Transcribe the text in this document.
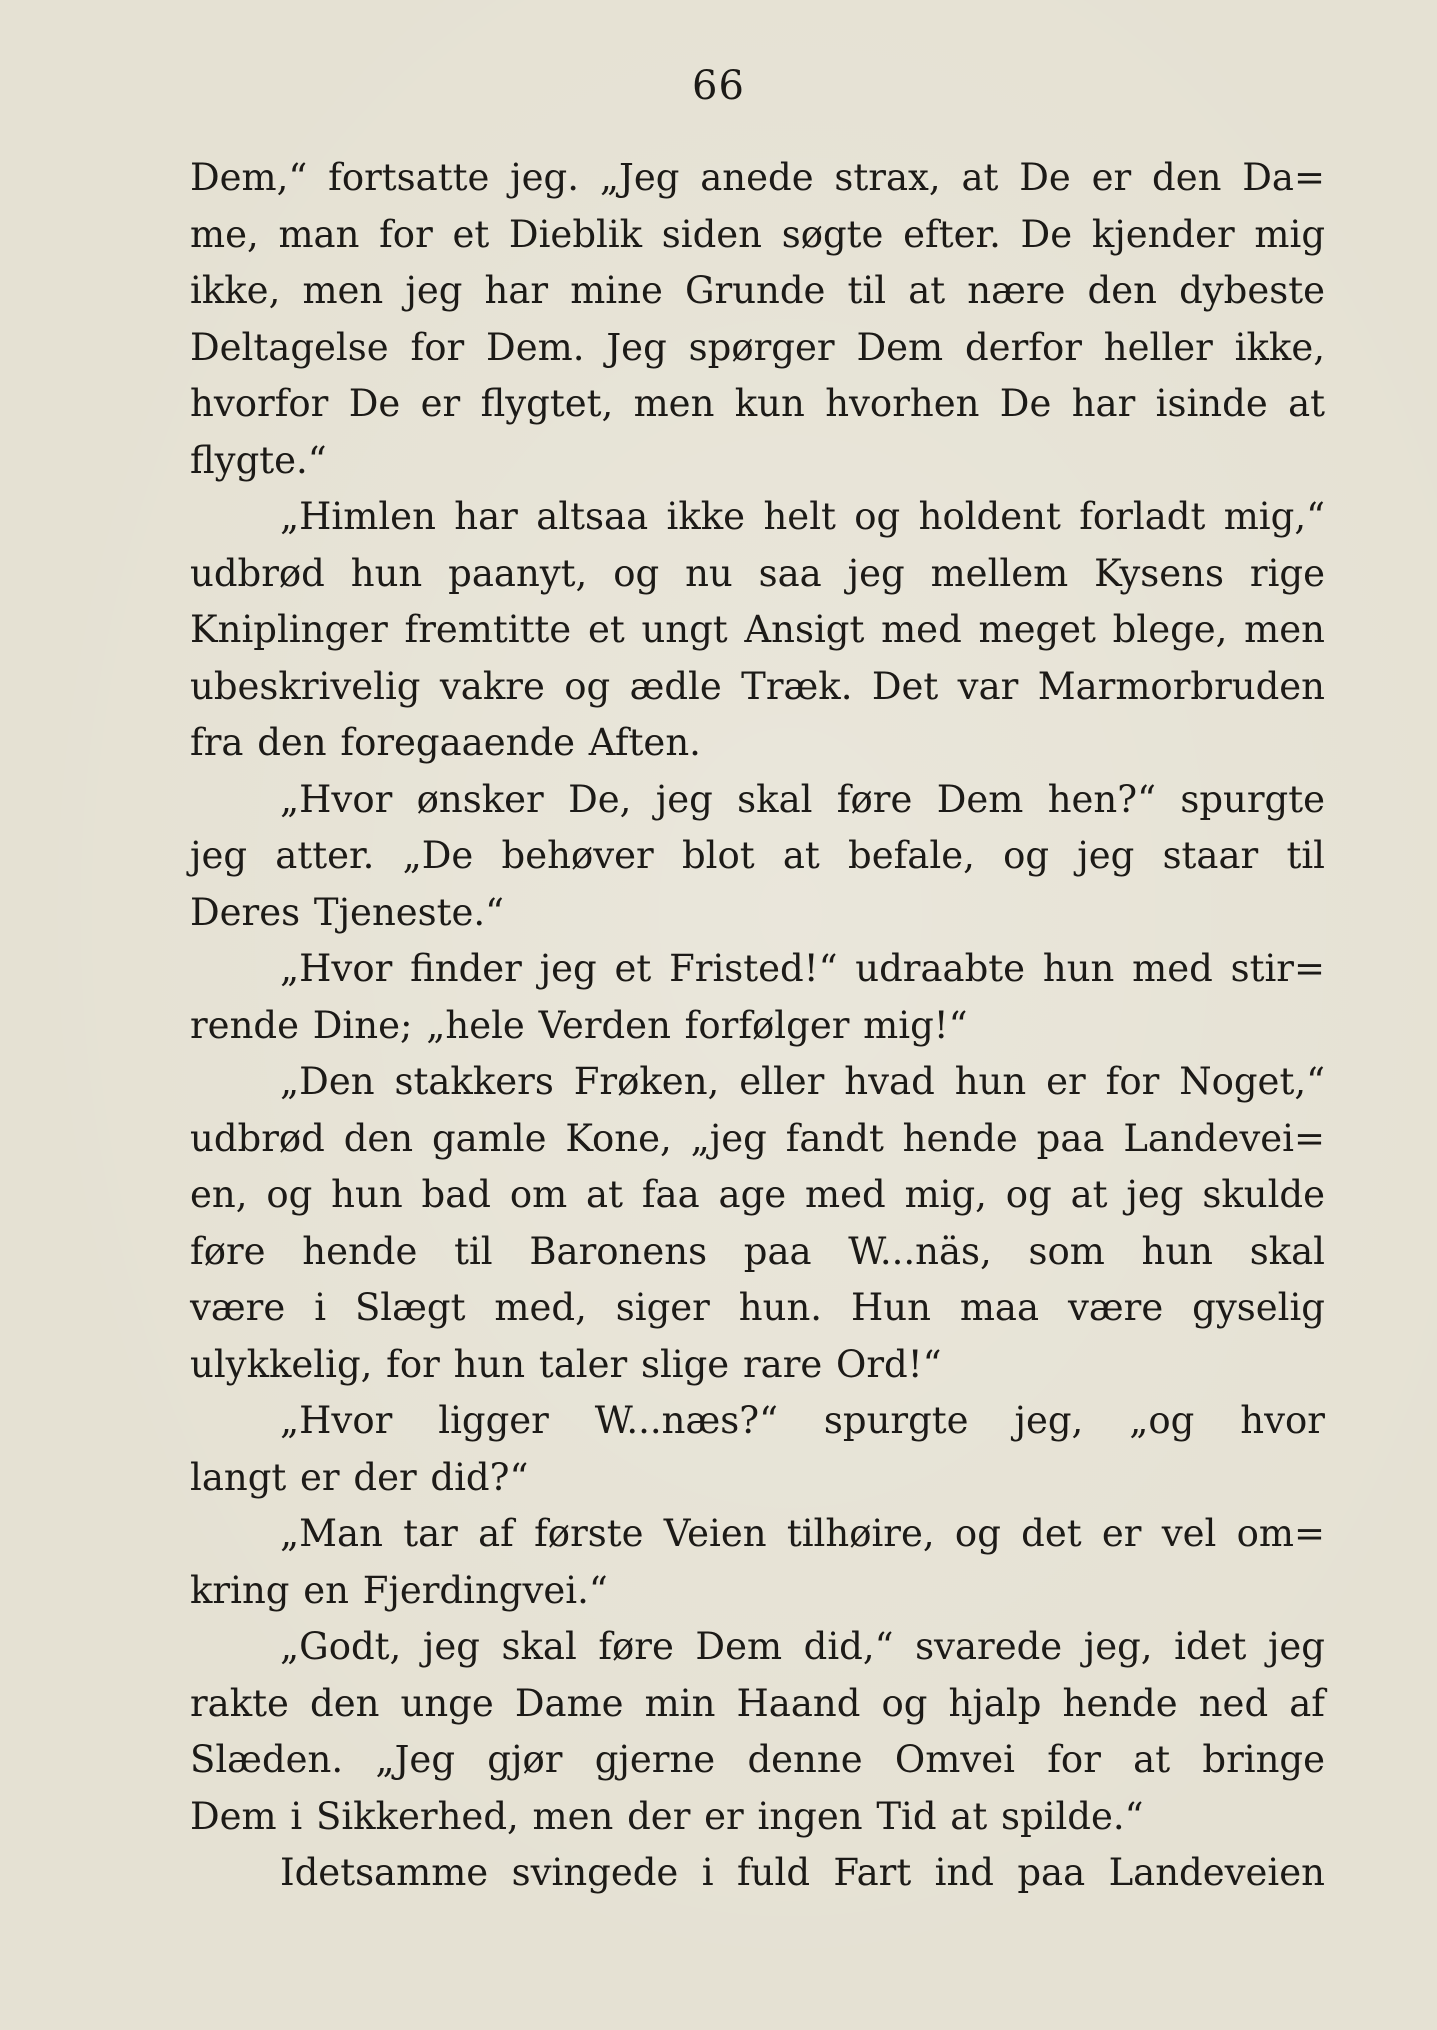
66
Dem,“ fortsatte jeg. „Jeg anede strax, at De er den Da=
me, man for et Dieblik siden søgte efter. De kjender mig
ikke, men jeg har mine Grunde til at nære den dybeste
Deltagelse for Dem. Jeg spørger Dem derfor heller ikke,
hvorfor De er flygtet, men kun hvorhen De har isinde at
flygte.“
„Himlen har altsaa ikke helt og holdent forladt mig,“
udbrød hun paanyt, og nu saa jeg mellem Kysens rige
Kniplinger fremtitte et ungt Ansigt med meget blege, men
ubeskrivelig vakre og ædle Træk. Det var Marmorbruden
fra den foregaaende Aften.
„Hvor ønsker De, jeg skal føre Dem hen?“ spurgte
jeg atter. „De behøver blot at befale, og jeg staar til
Deres Tjeneste.“
„Hvor finder jeg et Fristed!“ udraabte hun med stir=
rende Dine; „hele Verden forfølger mig!“
„Den stakkers Frøken, eller hvad hun er for Noget,“
udbrød den gamle Kone, „jeg fandt hende paa Landevei=
en, og hun bad om at faa age med mig, og at jeg skulde
føre hende til Baronens paa W...näs, som hun skal
være i Slægt med, siger hun. Hun maa være gyselig
ulykkelig, for hun taler slige rare Ord!“
„Hvor ligger W...næs?“ spurgte jeg, „og hvor
langt er der did?“
„Man tar af første Veien tilhøire, og det er vel om=
kring en Fjerdingvei.“
„Godt, jeg skal føre Dem did,“ svarede jeg, idet jeg
rakte den unge Dame min Haand og hjalp hende ned af
Slæden. „Jeg gjør gjerne denne Omvei for at bringe
Dem i Sikkerhed, men der er ingen Tid at spilde.“
Idetsamme svingede i fuld Fart ind paa Landeveien
